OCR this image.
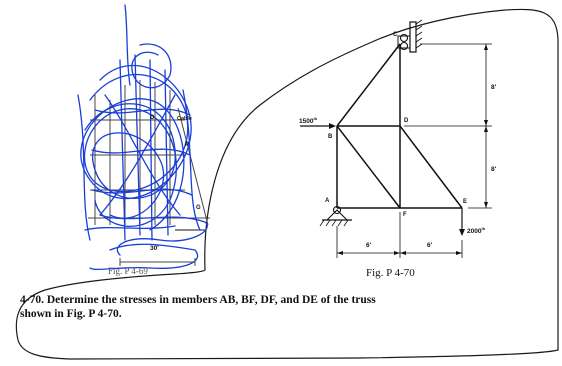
C
D
B
A
F
E
$1500^{lb}$
$2000^{lb}$
8'
8'
6'	6'
Cable
G
P
D
30'
Fig. P 4-69	Fig. P 4-70
4-70. Determine the stresses in members AB, BF, DF, and DE of the truss
shown in Fig. P 4-70.
